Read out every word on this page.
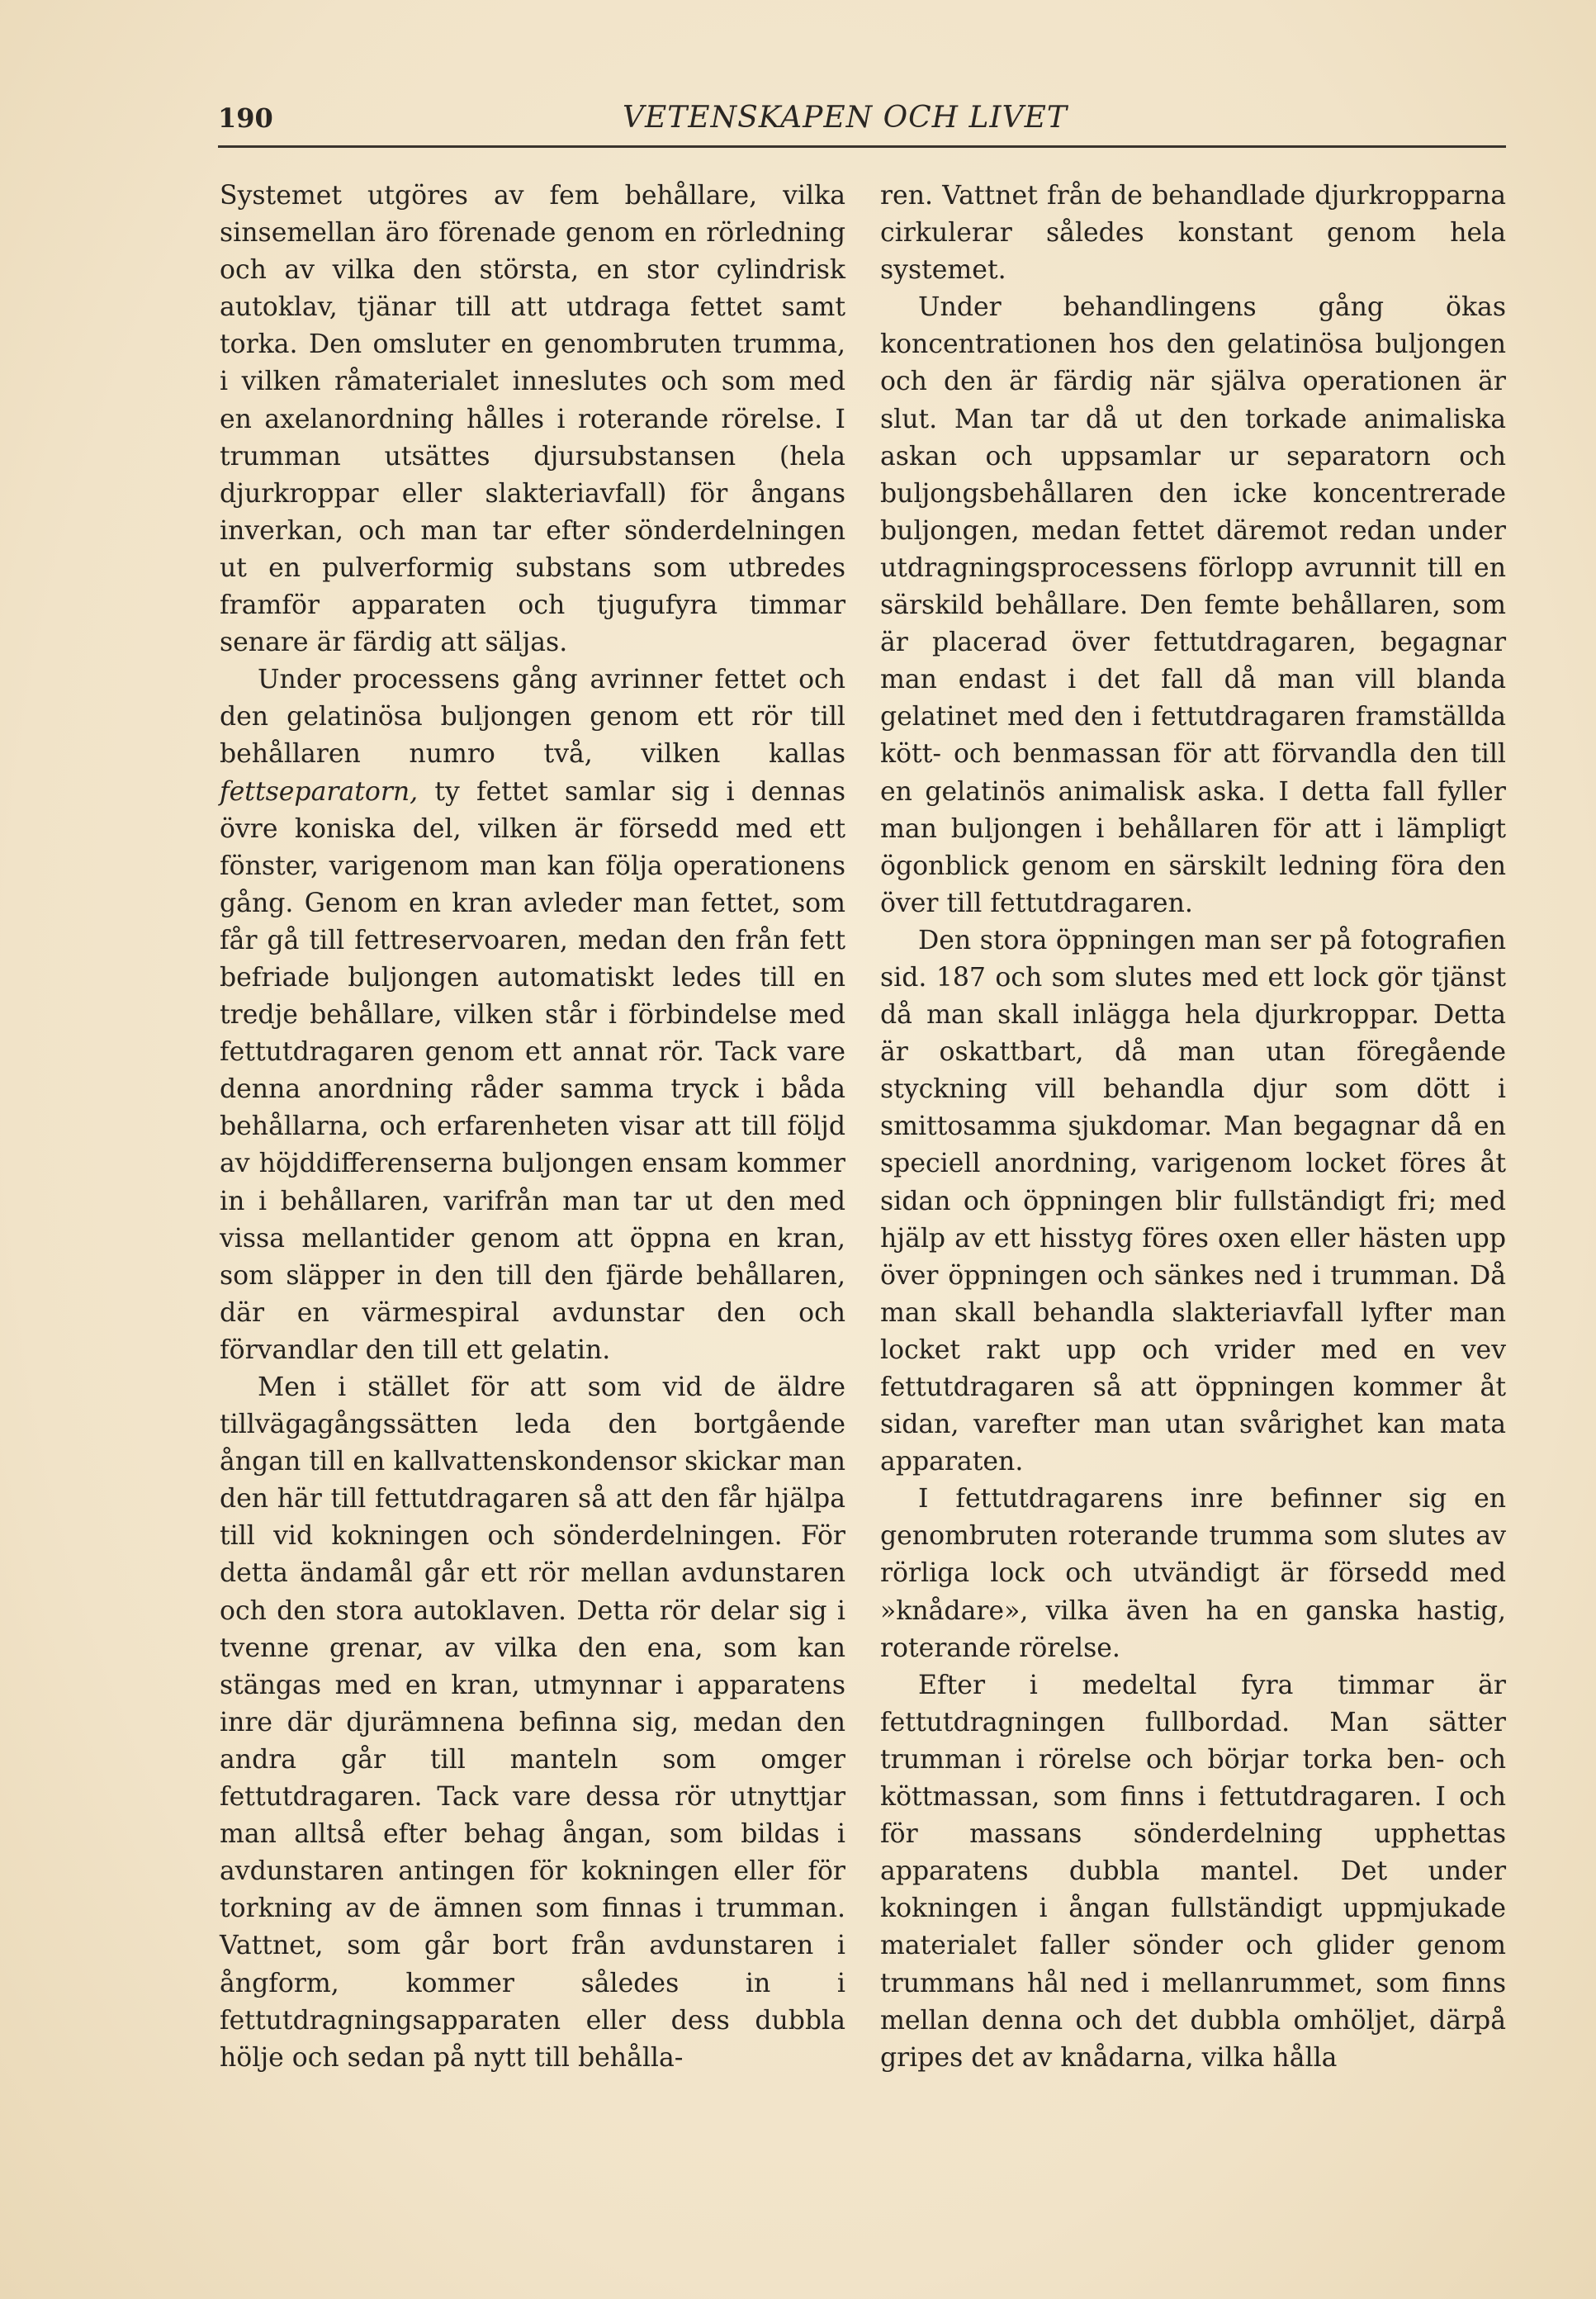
190	VETENSKAPEN OCH LIVET

Systemet utgöres av fem behållare, vilka sinsemellan äro förenade genom en rörledning och av vilka den största, en stor cylindrisk autoklav, tjänar till att utdraga fettet samt torka. Den omsluter en genombruten trumma, i vilken råmaterialet inneslutes och som med en axelanordning hålles i roterande rörelse. I trumman utsättes djursubstansen (hela djurkroppar eller slakteriavfall) för ångans inverkan, och man tar efter sönderdelningen ut en pulverformig substans som utbredes framför apparaten och tjugufyra timmar senare är färdig att säljas.

Under processens gång avrinner fettet och den gelatinösa buljongen genom ett rör till behållaren numro två, vilken kallas fettseparatorn, ty fettet samlar sig i dennas övre koniska del, vilken är försedd med ett fönster, varigenom man kan följa operationens gång. Genom en kran avleder man fettet, som får gå till fettreservoaren, medan den från fett befriade buljongen automatiskt ledes till en tredje behållare, vilken står i förbindelse med fettutdragaren genom ett annat rör. Tack vare denna anordning råder samma tryck i båda behållarna, och erfarenheten visar att till följd av höjddifferenserna buljongen ensam kommer in i behållaren, varifrån man tar ut den med vissa mellantider genom att öppna en kran, som släpper in den till den fjärde behållaren, där en värmespiral avdunstar den och förvandlar den till ett gelatin.

Men i stället för att som vid de äldre tillvägagångssätten leda den bortgående ångan till en kallvattenskondensor skickar man den här till fettutdragaren så att den får hjälpa till vid kokningen och sönderdelningen. För detta ändamål går ett rör mellan avdunstaren och den stora autoklaven. Detta rör delar sig i tvenne grenar, av vilka den ena, som kan stängas med en kran, utmynnar i apparatens inre där djurämnena befinna sig, medan den andra går till manteln som omger fettutdragaren. Tack vare dessa rör utnyttjar man alltså efter behag ångan, som bildas i avdunstaren antingen för kokningen eller för torkning av de ämnen som finnas i trumman. Vattnet, som går bort från avdunstaren i ångform, kommer således in i fettutdragningsapparaten eller dess dubbla hölje och sedan på nytt till behålla-

ren. Vattnet från de behandlade djurkropparna cirkulerar således konstant genom hela systemet.

Under behandlingens gång ökas koncentrationen hos den gelatinösa buljongen och den är färdig när själva operationen är slut. Man tar då ut den torkade animaliska askan och uppsamlar ur separatorn och buljongsbehållaren den icke koncentrerade buljongen, medan fettet däremot redan under utdragningsprocessens förlopp avrunnit till en särskild behållare. Den femte behållaren, som är placerad över fettutdragaren, begagnar man endast i det fall då man vill blanda gelatinet med den i fettutdragaren framställda kött- och benmassan för att förvandla den till en gelatinös animalisk aska. I detta fall fyller man buljongen i behållaren för att i lämpligt ögonblick genom en särskilt ledning föra den över till fettutdragaren.

Den stora öppningen man ser på fotografien sid. 187 och som slutes med ett lock gör tjänst då man skall inlägga hela djurkroppar. Detta är oskattbart, då man utan föregående styckning vill behandla djur som dött i smittosamma sjukdomar. Man begagnar då en speciell anordning, varigenom locket föres åt sidan och öppningen blir fullständigt fri; med hjälp av ett hisstyg föres oxen eller hästen upp över öppningen och sänkes ned i trumman. Då man skall behandla slakteriavfall lyfter man locket rakt upp och vrider med en vev fettutdragaren så att öppningen kommer åt sidan, varefter man utan svårighet kan mata apparaten.

I fettutdragarens inre befinner sig en genombruten roterande trumma som slutes av rörliga lock och utvändigt är försedd med »knådare», vilka även ha en ganska hastig, roterande rörelse.

Efter i medeltal fyra timmar är fettutdragningen fullbordad. Man sätter trumman i rörelse och börjar torka ben- och köttmassan, som finns i fettutdragaren. I och för massans sönderdelning upphettas apparatens dubbla mantel. Det under kokningen i ångan fullständigt uppmjukade materialet faller sönder och glider genom trummans hål ned i mellanrummet, som finns mellan denna och det dubbla omhöljet, därpå gripes det av knådarna, vilka hålla
